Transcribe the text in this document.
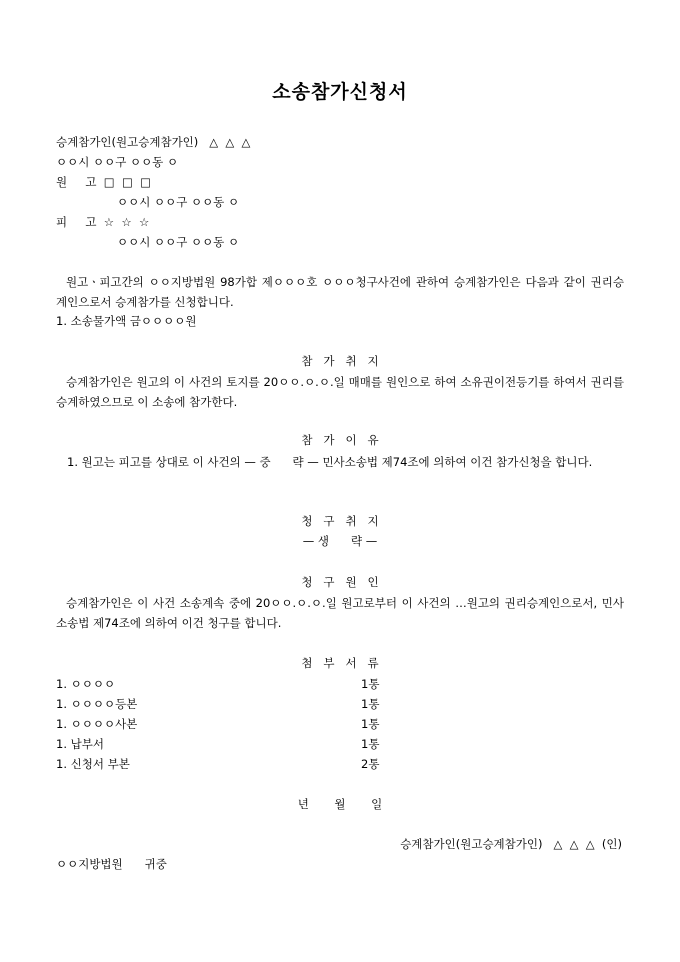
소송참가신청서
승계참가인(원고승계참가인)   △  △  △
ㅇㅇ시 ㅇㅇ구 ㅇㅇ동 ㅇ
원     고  □  □  □
ㅇㅇ시 ㅇㅇ구 ㅇㅇ동 ㅇ
피     고  ☆  ☆  ☆
ㅇㅇ시 ㅇㅇ구 ㅇㅇ동 ㅇ
원고ㆍ피고간의 ㅇㅇ지방법원 98가합 제ㅇㅇㅇ호 ㅇㅇㅇ청구사건에 관하여 승계참가인은 다음과 같이 권리승계인으로서 승계참가를 신청합니다.
1. 소송물가액 금ㅇㅇㅇㅇ원
참   가   취   지
승계참가인은 원고의 이 사건의 토지를 20ㅇㅇ.ㅇ.ㅇ.일 매매를 원인으로 하여 소유권이전등기를 하여서 권리를 승계하였으므로 이 소송에 참가한다.
참   가   이   유
1. 원고는 피고를 상대로 이 사건의 — 중      략 — 민사소송법 제74조에 의하여 이건 참가신청을 합니다.
청   구   취   지
— 생      략 —
청   구   원   인
승계참가인은 이 사건 소송계속 중에 20ㅇㅇ.ㅇ.ㅇ.일 원고로부터 이 사건의 …원고의 권리승계인으로서, 민사소송법 제74조에 의하여 이건 청구를 합니다.
첨   부   서   류
1. ㅇㅇㅇㅇ	1통
1. ㅇㅇㅇㅇ등본	1통
1. ㅇㅇㅇㅇ사본	1통
1. 납부서	1통
1. 신청서 부본	2통
년       월       일
승계참가인(원고승계참가인)   △  △  △  (인)
ㅇㅇ지방법원      귀중
